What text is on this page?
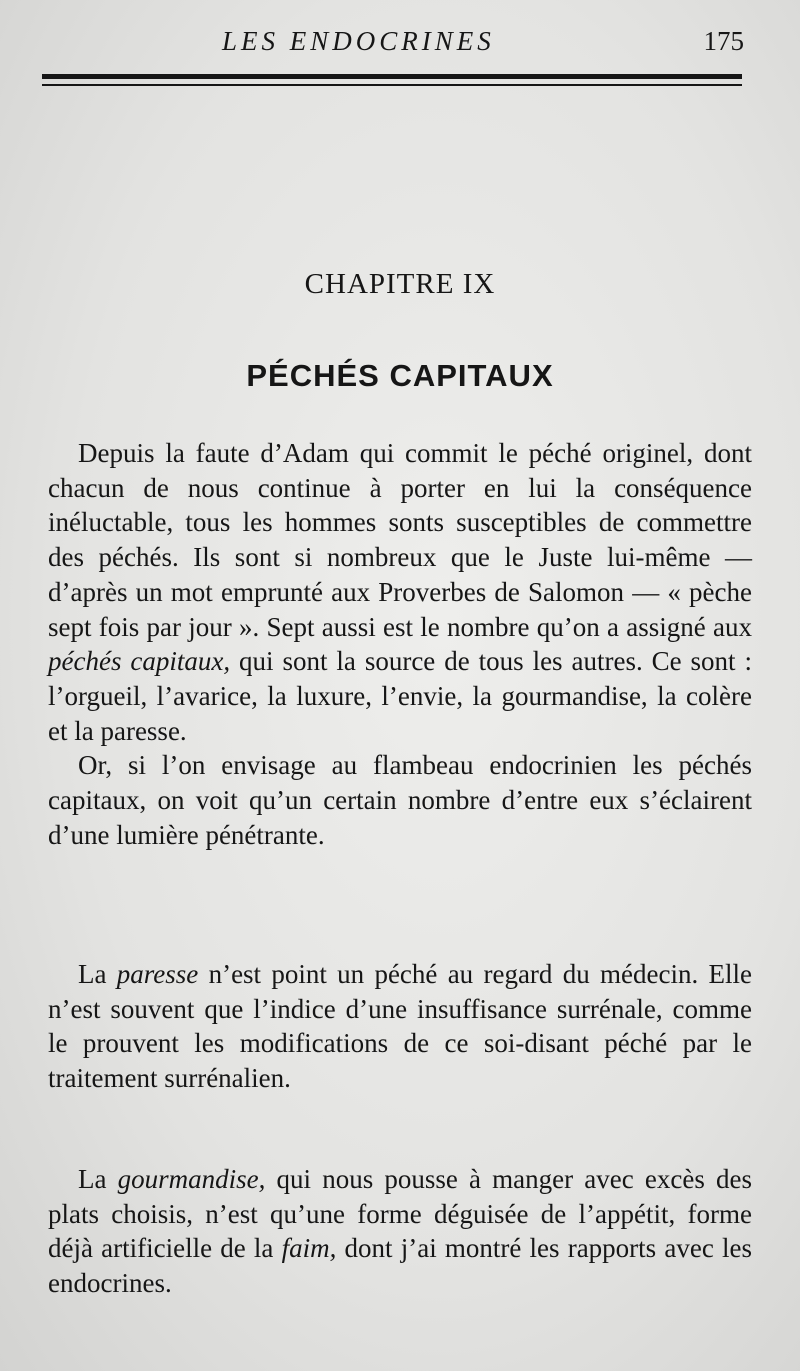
LES ENDOCRINES	175
CHAPITRE IX
PÉCHÉS CAPITAUX

Depuis la faute d’Adam qui commit le péché originel, dont chacun de nous continue à porter en lui la conséquence inéluctable, tous les hommes sonts susceptibles de commettre des péchés. Ils sont si nombreux que le Juste lui-même — d’après un mot emprunté aux Proverbes de Salomon — « pèche sept fois par jour ». Sept aussi est le nombre qu’on a assigné aux péchés capitaux, qui sont la source de tous les autres. Ce sont : l’orgueil, l’avarice, la luxure, l’envie, la gourmandise, la colère et la paresse.

Or, si l’on envisage au flambeau endocrinien les péchés capitaux, on voit qu’un certain nombre d’entre eux s’éclairent d’une lumière pénétrante.

La paresse n’est point un péché au regard du médecin. Elle n’est souvent que l’indice d’une insuffisance surrénale, comme le prouvent les modifications de ce soi-disant péché par le traitement surrénalien.

La gourmandise, qui nous pousse à manger avec excès des plats choisis, n’est qu’une forme déguisée de l’appétit, forme déjà artificielle de la faim, dont j’ai montré les rapports avec les endocrines.
